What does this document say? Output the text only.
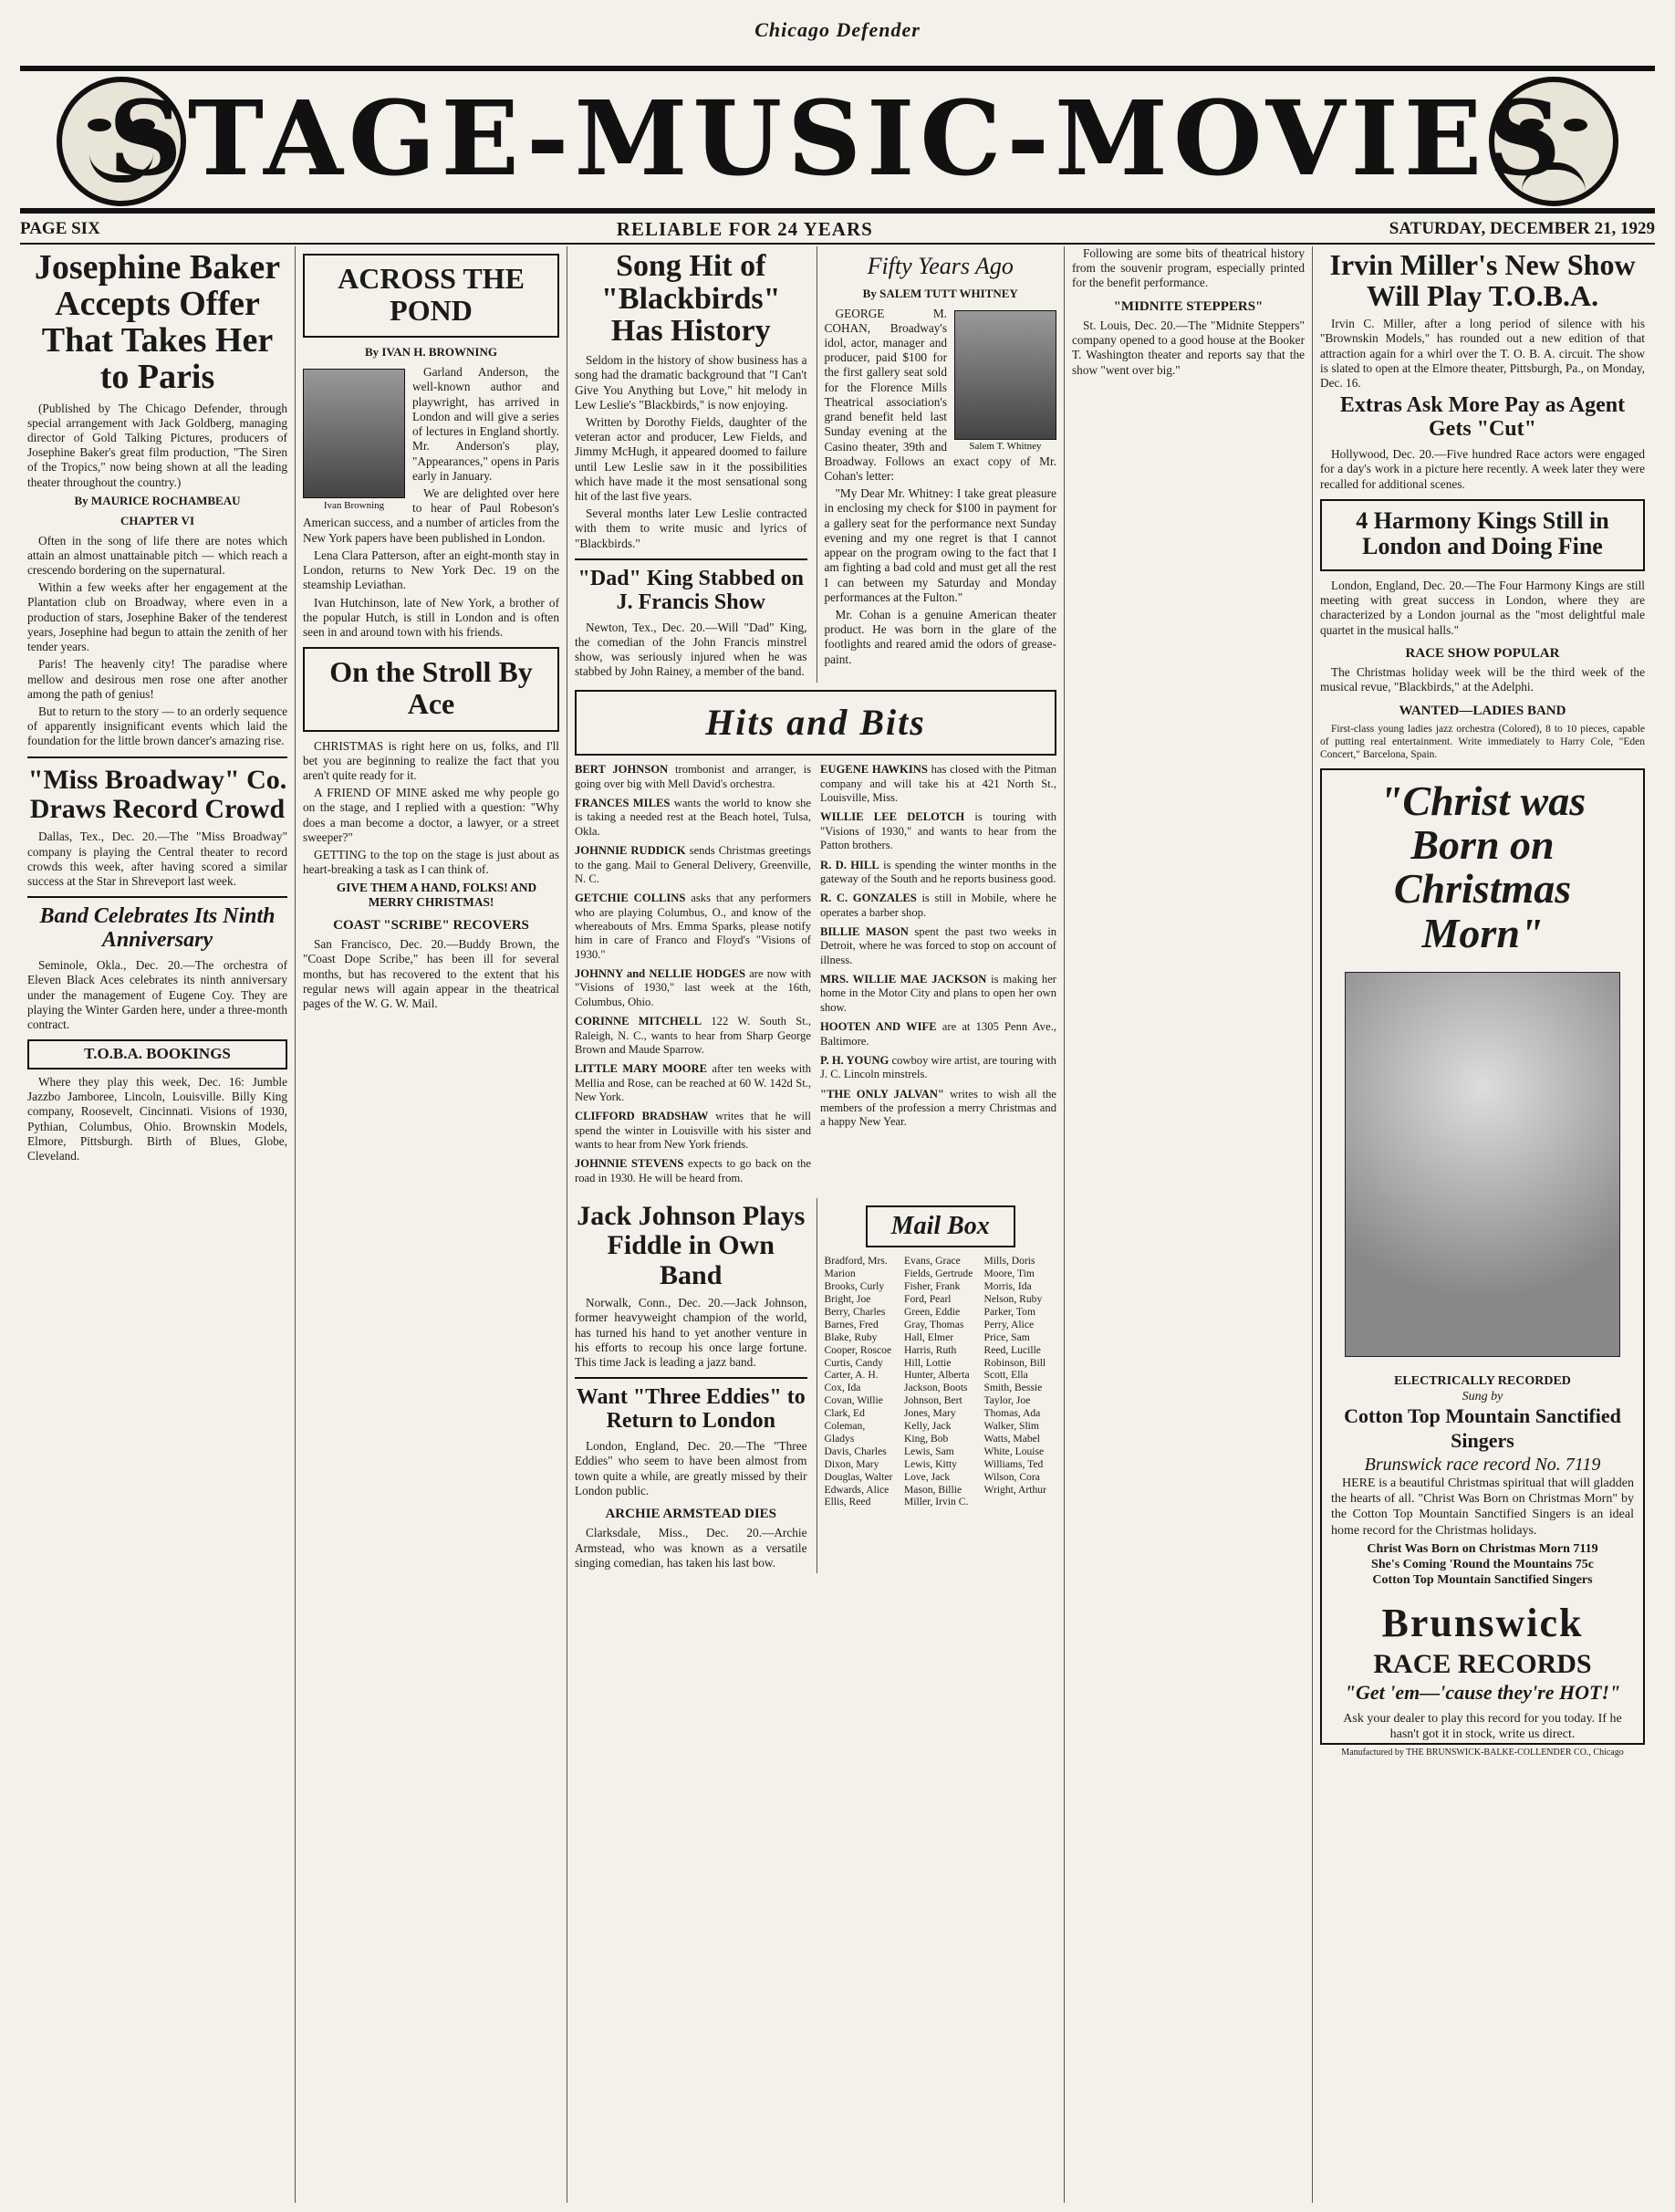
Chicago Defender
STAGE-MUSIC-MOVIES
PAGE SIX	RELIABLE FOR 24 YEARS	SATURDAY, DECEMBER 21, 1929
Josephine Baker Accepts Offer That Takes Her to Paris

(Published by The Chicago Defender, through special arrangement with Jack Goldberg, managing director of Gold Talking Pictures, producers of Josephine Baker's great film production, "The Siren of the Tropics," now being shown at all the leading theater throughout the country.)

By MAURICE ROCHAMBEAU
CHAPTER VI

Often in the song of life there are notes which attain an almost unattainable pitch — which reach a crescendo bordering on the supernatural.

Within a few weeks after her engagement at the Plantation club on Broadway, where even in a production of stars, Josephine Baker of the tenderest years, Josephine had begun to attain the zenith of her tender years.

Paris! The heavenly city! The paradise where mellow and desirous men rose one after another among the path of genius!

But to return to the story — to an orderly sequence of apparently insignificant events which laid the foundation for the little brown dancer's amazing rise.

"Miss Broadway" Co. Draws Record Crowd

Dallas, Tex., Dec. 20.—The "Miss Broadway" company is playing the Central theater to record crowds this week, after having scored a similar success at the Star in Shreveport last week.

Band Celebrates Its Ninth Anniversary

Seminole, Okla., Dec. 20.—The orchestra of Eleven Black Aces celebrates its ninth anniversary under the management of Eugene Coy. They are playing the Winter Garden here, under a three-month contract.

T.O.B.A. BOOKINGS

Where they play this week, Dec. 16: Jumble Jazzbo Jamboree, Lincoln, Louisville. Billy King company, Roosevelt, Cincinnati. Visions of 1930, Pythian, Columbus, Ohio. Brownskin Models, Elmore, Pittsburgh. Birth of Blues, Globe, Cleveland.

ACROSS THE POND
By IVAN H. BROWNING
Ivan Browning

Garland Anderson, the well-known author and playwright, has arrived in London and will give a series of lectures in England shortly. Mr. Anderson's play, "Appearances," opens in Paris early in January.

We are delighted over here to hear of Paul Robeson's American success, and a number of articles from the New York papers have been published in London.

Lena Clara Patterson, after an eight-month stay in London, returns to New York Dec. 19 on the steamship Leviathan.

Ivan Hutchinson, late of New York, a brother of the popular Hutch, is still in London and is often seen in and around town with his friends.

On the Stroll By Ace

CHRISTMAS is right here on us, folks, and I'll bet you are beginning to realize the fact that you aren't quite ready for it.

A FRIEND OF MINE asked me why people go on the stage, and I replied with a question: "Why does a man become a doctor, a lawyer, or a street sweeper?"

GETTING to the top on the stage is just about as heart-breaking a task as I can think of.

GIVE THEM A HAND, FOLKS! AND MERRY CHRISTMAS!

COAST "SCRIBE" RECOVERS

San Francisco, Dec. 20.—Buddy Brown, the "Coast Dope Scribe," has been ill for several months, but has recovered to the extent that his regular news will again appear in the theatrical pages of the W. G. W. Mail.

Song Hit of "Blackbirds" Has History

Seldom in the history of show business has a song had the dramatic background that "I Can't Give You Anything but Love," hit melody in Lew Leslie's "Blackbirds," is now enjoying.

Written by Dorothy Fields, daughter of the veteran actor and producer, Lew Fields, and Jimmy McHugh, it appeared doomed to failure until Lew Leslie saw in it the possibilities which have made it the most sensational song hit of the last five years.

Several months later Lew Leslie contracted with them to write music and lyrics of "Blackbirds."

"Dad" King Stabbed on J. Francis Show

Newton, Tex., Dec. 20.—Will "Dad" King, the comedian of the John Francis minstrel show, was seriously injured when he was stabbed by John Rainey, a member of the band.

Fifty Years Ago
By SALEM TUTT WHITNEY
Salem T. Whitney

GEORGE M. COHAN, Broadway's idol, actor, manager and producer, paid $100 for the first gallery seat sold for the Florence Mills Theatrical association's grand benefit held last Sunday evening at the Casino theater, 39th and Broadway. Follows an exact copy of Mr. Cohan's letter:

"My Dear Mr. Whitney: I take great pleasure in enclosing my check for $100 in payment for a gallery seat for the performance next Sunday evening and my one regret is that I cannot appear on the program owing to the fact that I am fighting a bad cold and must get all the rest I can between my Saturday and Monday performances at the Fulton."

Mr. Cohan is a genuine American theater product. He was born in the glare of the footlights and reared amid the odors of grease-paint.

Hits and Bits
BERT JOHNSON trombonist and arranger, is going over big with Mell David's orchestra.
FRANCES MILES wants the world to know she is taking a needed rest at the Beach hotel, Tulsa, Okla.
JOHNNIE RUDDICK sends Christmas greetings to the gang. Mail to General Delivery, Greenville, N. C.
GETCHIE COLLINS asks that any performers who are playing Columbus, O., and know of the whereabouts of Mrs. Emma Sparks, please notify him in care of Franco and Floyd's "Visions of 1930."
JOHNNY and NELLIE HODGES are now with "Visions of 1930," last week at the 16th, Columbus, Ohio.
CORINNE MITCHELL 122 W. South St., Raleigh, N. C., wants to hear from Sharp George Brown and Maude Sparrow.
LITTLE MARY MOORE after ten weeks with Mellia and Rose, can be reached at 60 W. 142d St., New York.
CLIFFORD BRADSHAW writes that he will spend the winter in Louisville with his sister and wants to hear from New York friends.
JOHNNIE STEVENS expects to go back on the road in 1930. He will be heard from.
EUGENE HAWKINS has closed with the Pitman company and will take his at 421 North St., Louisville, Miss.
WILLIE LEE DELOTCH is touring with "Visions of 1930," and wants to hear from the Patton brothers.
R. D. HILL is spending the winter months in the gateway of the South and he reports business good.
R. C. GONZALES is still in Mobile, where he operates a barber shop.
BILLIE MASON spent the past two weeks in Detroit, where he was forced to stop on account of illness.
MRS. WILLIE MAE JACKSON is making her home in the Motor City and plans to open her own show.
HOOTEN AND WIFE are at 1305 Penn Ave., Baltimore.
P. H. YOUNG cowboy wire artist, are touring with J. C. Lincoln minstrels.
"THE ONLY JALVAN" writes to wish all the members of the profession a merry Christmas and a happy New Year.
Jack Johnson Plays Fiddle in Own Band

Norwalk, Conn., Dec. 20.—Jack Johnson, former heavyweight champion of the world, has turned his hand to yet another venture in his efforts to recoup his once large fortune. This time Jack is leading a jazz band.

Want "Three Eddies" to Return to London

London, England, Dec. 20.—The "Three Eddies" who seem to have been almost from town quite a while, are greatly missed by their London public.

ARCHIE ARMSTEAD DIES

Clarksdale, Miss., Dec. 20.—Archie Armstead, who was known as a versatile singing comedian, has taken his last bow.

Mail Box
Bradford, Mrs. Marion
Brooks, Curly
Bright, Joe
Berry, Charles
Barnes, Fred
Blake, Ruby
Cooper, Roscoe
Curtis, Candy
Carter, A. H.
Cox, Ida
Covan, Willie
Clark, Ed
Coleman, Gladys
Davis, Charles
Dixon, Mary
Douglas, Walter
Edwards, Alice
Ellis, Reed
Evans, Grace
Fields, Gertrude
Fisher, Frank
Ford, Pearl
Green, Eddie
Gray, Thomas
Hall, Elmer
Harris, Ruth
Hill, Lottie
Hunter, Alberta
Jackson, Boots
Johnson, Bert
Jones, Mary
Kelly, Jack
King, Bob
Lewis, Sam
Lewis, Kitty
Love, Jack
Mason, Billie
Miller, Irvin C.
Mills, Doris
Moore, Tim
Morris, Ida
Nelson, Ruby
Parker, Tom
Perry, Alice
Price, Sam
Reed, Lucille
Robinson, Bill
Scott, Ella
Smith, Bessie
Taylor, Joe
Thomas, Ada
Walker, Slim
Watts, Mabel
White, Louise
Williams, Ted
Wilson, Cora
Wright, Arthur

Following are some bits of theatrical history from the souvenir program, especially printed for the benefit performance.

"MIDNITE STEPPERS"

St. Louis, Dec. 20.—The "Midnite Steppers" company opened to a good house at the Booker T. Washington theater and reports say that the show "went over big."

Irvin Miller's New Show Will Play T.O.B.A.

Irvin C. Miller, after a long period of silence with his "Brownskin Models," has rounded out a new edition of that attraction again for a whirl over the T. O. B. A. circuit. The show is slated to open at the Elmore theater, Pittsburgh, Pa., on Monday, Dec. 16.

Extras Ask More Pay as Agent Gets "Cut"

Hollywood, Dec. 20.—Five hundred Race actors were engaged for a day's work in a picture here recently. A week later they were recalled for additional scenes.

4 Harmony Kings Still in London and Doing Fine

London, England, Dec. 20.—The Four Harmony Kings are still meeting with great success in London, where they are characterized by a London journal as the "most delightful male quartet in the musical halls."

RACE SHOW POPULAR

The Christmas holiday week will be the third week of the musical revue, "Blackbirds," at the Adelphi.

WANTED—LADIES BAND

First-class young ladies jazz orchestra (Colored), 8 to 10 pieces, capable of putting real entertainment. Write immediately to Harry Cole, "Eden Concert," Barcelona, Spain.

"Christ was Born on Christmas Morn"
ELECTRICALLY RECORDED
Sung by
Cotton Top Mountain Sanctified Singers
Brunswick race record No. 7119

HERE is a beautiful Christmas spiritual that will gladden the hearts of all. "Christ Was Born on Christmas Morn" by the Cotton Top Mountain Sanctified Singers is an ideal home record for the Christmas holidays.

Christ Was Born on Christmas Morn 7119
She's Coming 'Round the Mountains 75c
Cotton Top Mountain Sanctified Singers
Brunswick
RACE RECORDS
"Get 'em—'cause they're HOT!"
Ask your dealer to play this record for you today. If he hasn't got it in stock, write us direct.
Manufactured by THE BRUNSWICK-BALKE-COLLENDER CO., Chicago
